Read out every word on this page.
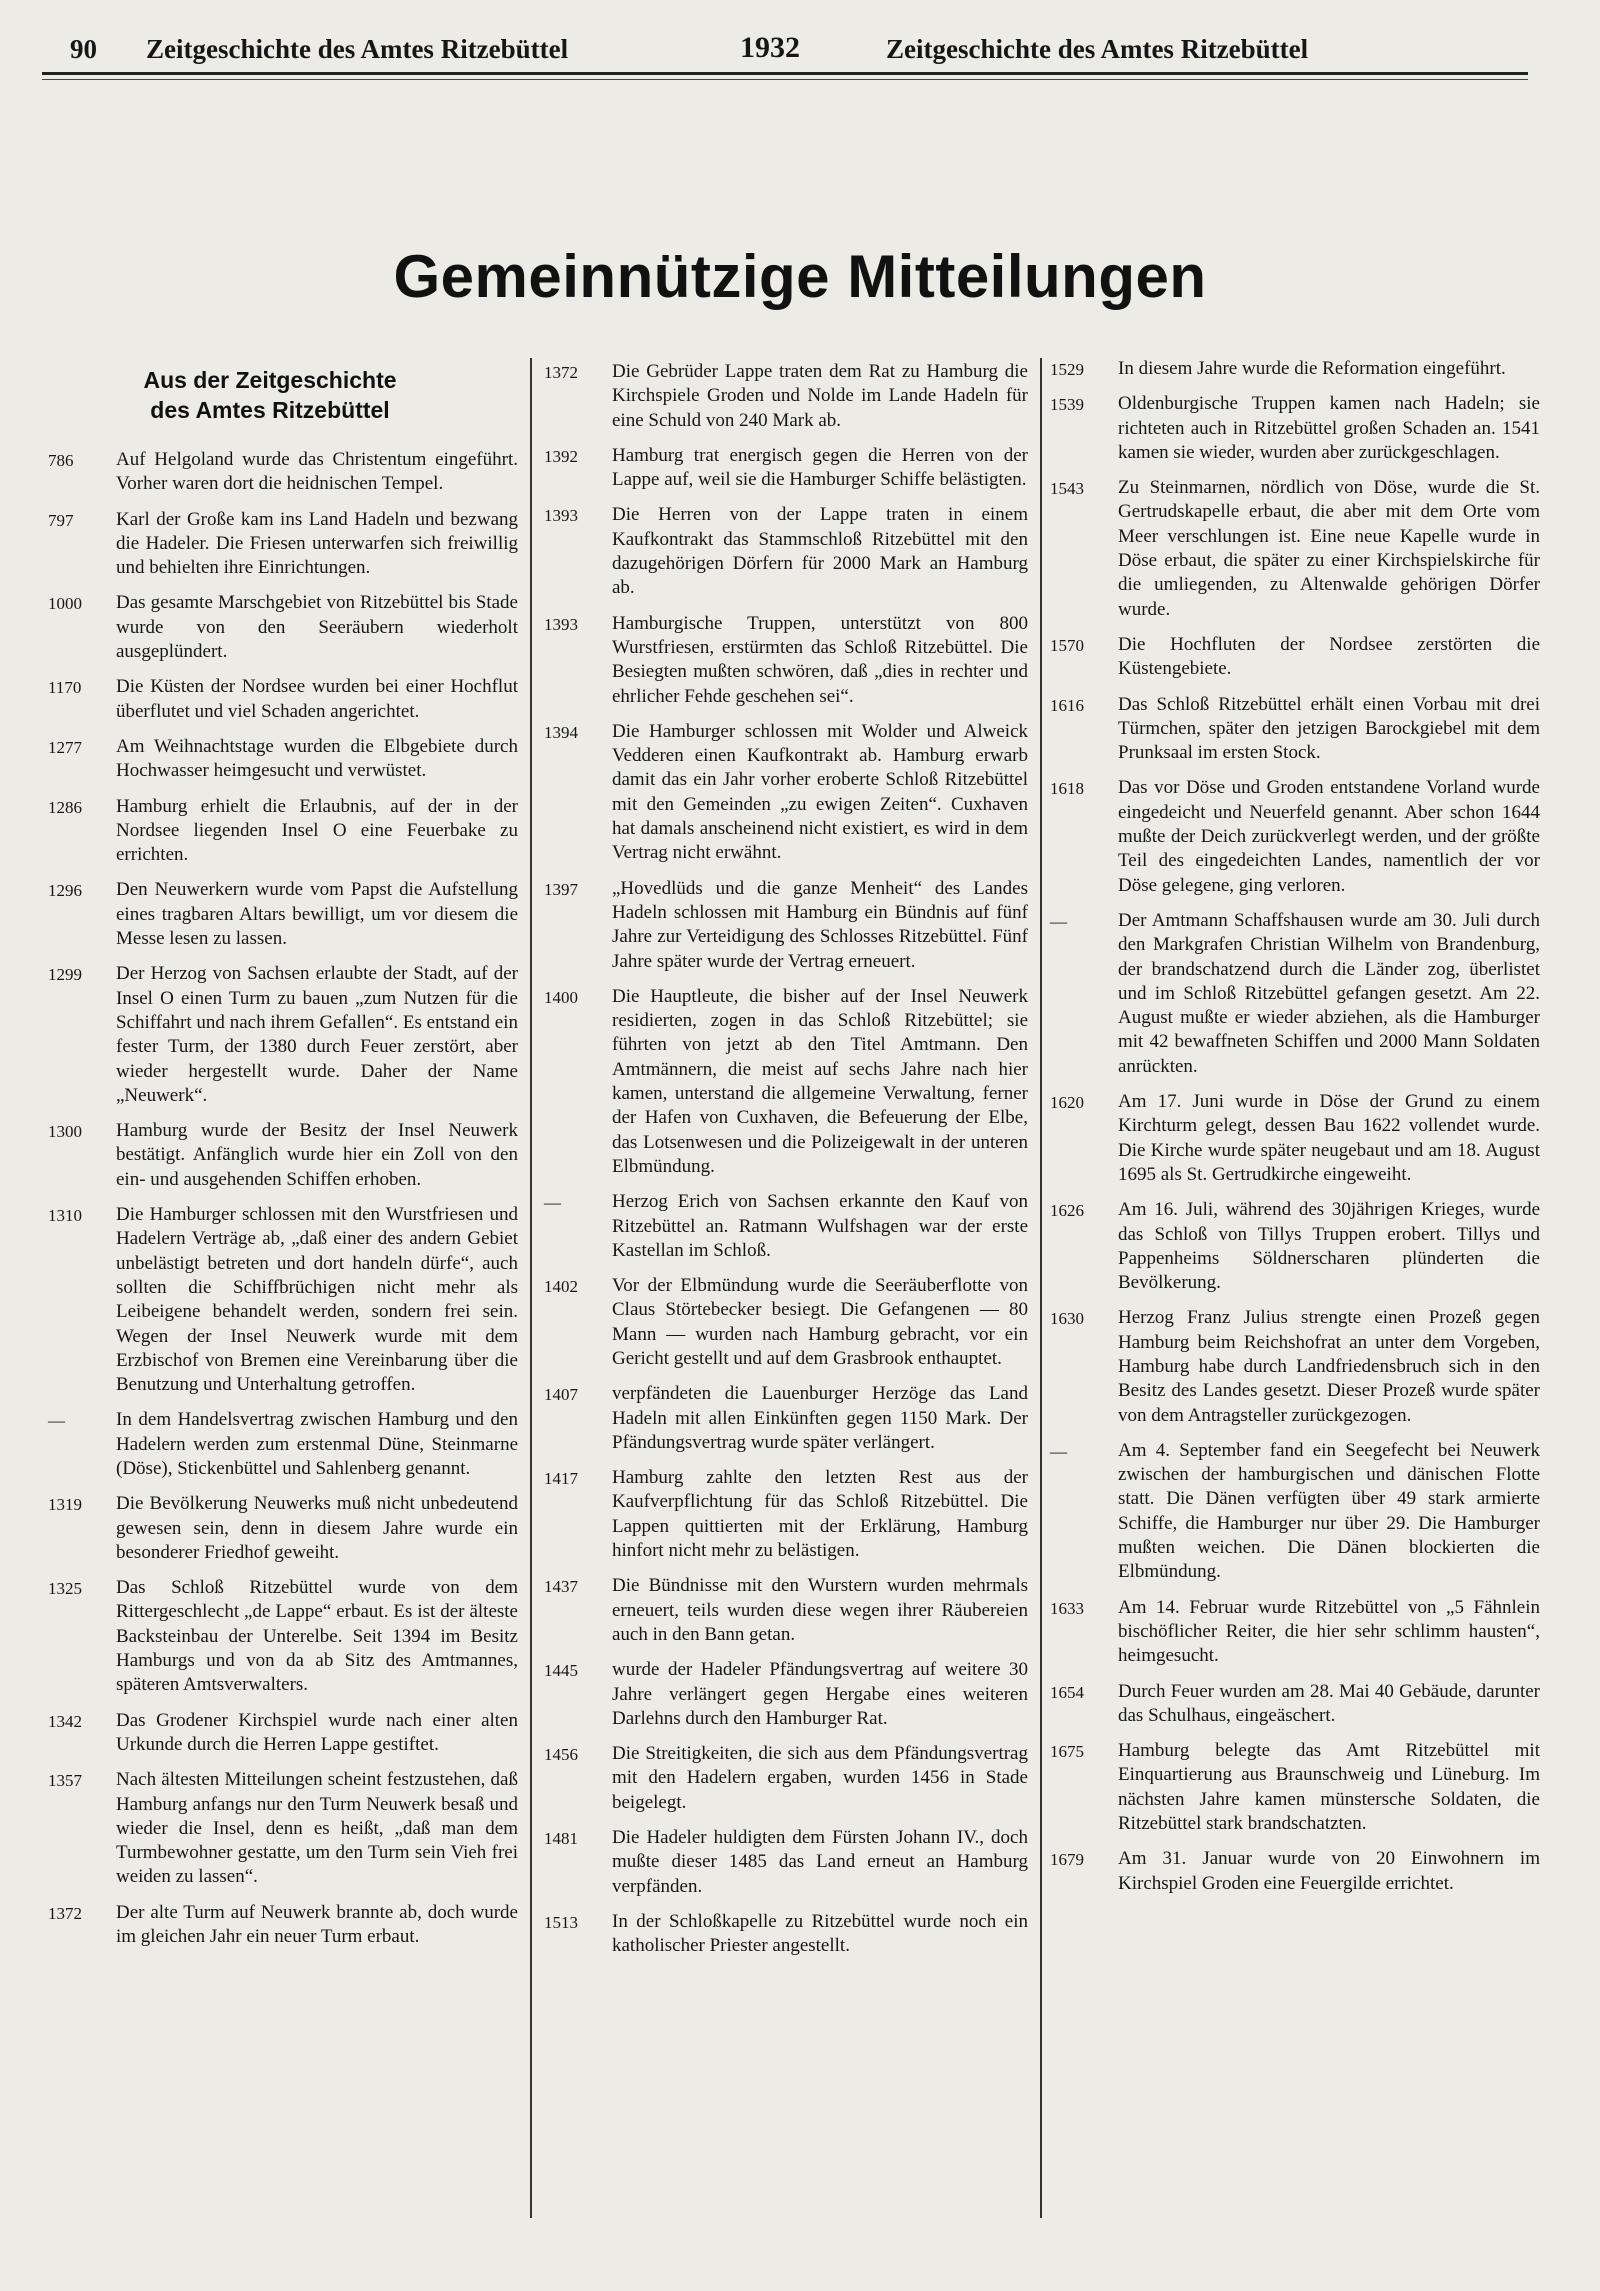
90 Zeitgeschichte des Amtes Ritzebüttel	1932	Zeitgeschichte des Amtes Ritzebüttel
Gemeinnützige Mitteilungen
Aus der Zeitgeschichte
des Amtes Ritzebüttel
786	Auf Helgoland wurde das Christentum eingeführt. Vorher waren dort die heidnischen Tempel.
797	Karl der Große kam ins Land Hadeln und bezwang die Hadeler. Die Friesen unterwarfen sich freiwillig und behielten ihre Einrichtungen.
1000	Das gesamte Marschgebiet von Ritzebüttel bis Stade wurde von den Seeräubern wiederholt ausgeplündert.
1170	Die Küsten der Nordsee wurden bei einer Hochflut überflutet und viel Schaden angerichtet.
1277	Am Weihnachtstage wurden die Elbgebiete durch Hochwasser heimgesucht und verwüstet.
1286	Hamburg erhielt die Erlaubnis, auf der in der Nordsee liegenden Insel O eine Feuerbake zu errichten.
1296	Den Neuwerkern wurde vom Papst die Aufstellung eines tragbaren Altars bewilligt, um vor diesem die Messe lesen zu lassen.
1299	Der Herzog von Sachsen erlaubte der Stadt, auf der Insel O einen Turm zu bauen „zum Nutzen für die Schiffahrt und nach ihrem Gefallen“. Es entstand ein fester Turm, der 1380 durch Feuer zerstört, aber wieder hergestellt wurde. Daher der Name „Neuwerk“.
1300	Hamburg wurde der Besitz der Insel Neuwerk bestätigt. Anfänglich wurde hier ein Zoll von den ein- und ausgehenden Schiffen erhoben.
1310	Die Hamburger schlossen mit den Wurstfriesen und Hadelern Verträge ab, „daß einer des andern Gebiet unbelästigt betreten und dort handeln dürfe“, auch sollten die Schiffbrüchigen nicht mehr als Leibeigene behandelt werden, sondern frei sein. Wegen der Insel Neuwerk wurde mit dem Erzbischof von Bremen eine Vereinbarung über die Benutzung und Unterhaltung getroffen.
—	In dem Handelsvertrag zwischen Hamburg und den Hadelern werden zum erstenmal Düne, Steinmarne (Döse), Stickenbüttel und Sahlenberg genannt.
1319	Die Bevölkerung Neuwerks muß nicht unbedeutend gewesen sein, denn in diesem Jahre wurde ein besonderer Friedhof geweiht.
1325	Das Schloß Ritzebüttel wurde von dem Rittergeschlecht „de Lappe“ erbaut. Es ist der älteste Backsteinbau der Unterelbe. Seit 1394 im Besitz Hamburgs und von da ab Sitz des Amtmannes, späteren Amtsverwalters.
1342	Das Grodener Kirchspiel wurde nach einer alten Urkunde durch die Herren Lappe gestiftet.
1357	Nach ältesten Mitteilungen scheint festzustehen, daß Hamburg anfangs nur den Turm Neuwerk besaß und wieder die Insel, denn es heißt, „daß man dem Turmbewohner gestatte, um den Turm sein Vieh frei weiden zu lassen“.
1372	Der alte Turm auf Neuwerk brannte ab, doch wurde im gleichen Jahr ein neuer Turm erbaut.
1372	Die Gebrüder Lappe traten dem Rat zu Hamburg die Kirchspiele Groden und Nolde im Lande Hadeln für eine Schuld von 240 Mark ab.
1392	Hamburg trat energisch gegen die Herren von der Lappe auf, weil sie die Hamburger Schiffe belästigten.
1393	Die Herren von der Lappe traten in einem Kaufkontrakt das Stammschloß Ritzebüttel mit den dazugehörigen Dörfern für 2000 Mark an Hamburg ab.
1393	Hamburgische Truppen, unterstützt von 800 Wurstfriesen, erstürmten das Schloß Ritzebüttel. Die Besiegten mußten schwören, daß „dies in rechter und ehrlicher Fehde geschehen sei“.
1394	Die Hamburger schlossen mit Wolder und Alweick Vedderen einen Kaufkontrakt ab. Hamburg erwarb damit das ein Jahr vorher eroberte Schloß Ritzebüttel mit den Gemeinden „zu ewigen Zeiten“. Cuxhaven hat damals anscheinend nicht existiert, es wird in dem Vertrag nicht erwähnt.
1397	„Hovedlüds und die ganze Menheit“ des Landes Hadeln schlossen mit Hamburg ein Bündnis auf fünf Jahre zur Verteidigung des Schlosses Ritzebüttel. Fünf Jahre später wurde der Vertrag erneuert.
1400	Die Hauptleute, die bisher auf der Insel Neuwerk residierten, zogen in das Schloß Ritzebüttel; sie führten von jetzt ab den Titel Amtmann. Den Amtmännern, die meist auf sechs Jahre nach hier kamen, unterstand die allgemeine Verwaltung, ferner der Hafen von Cuxhaven, die Befeuerung der Elbe, das Lotsenwesen und die Polizeigewalt in der unteren Elbmündung.
—	Herzog Erich von Sachsen erkannte den Kauf von Ritzebüttel an. Ratmann Wulfshagen war der erste Kastellan im Schloß.
1402	Vor der Elbmündung wurde die Seeräuberflotte von Claus Störtebecker besiegt. Die Gefangenen — 80 Mann — wurden nach Hamburg gebracht, vor ein Gericht gestellt und auf dem Grasbrook enthauptet.
1407	verpfändeten die Lauenburger Herzöge das Land Hadeln mit allen Einkünften gegen 1150 Mark. Der Pfändungsvertrag wurde später verlängert.
1417	Hamburg zahlte den letzten Rest aus der Kaufverpflichtung für das Schloß Ritzebüttel. Die Lappen quittierten mit der Erklärung, Hamburg hinfort nicht mehr zu belästigen.
1437	Die Bündnisse mit den Wurstern wurden mehrmals erneuert, teils wurden diese wegen ihrer Räubereien auch in den Bann getan.
1445	wurde der Hadeler Pfändungsvertrag auf weitere 30 Jahre verlängert gegen Hergabe eines weiteren Darlehns durch den Hamburger Rat.
1456	Die Streitigkeiten, die sich aus dem Pfändungsvertrag mit den Hadelern ergaben, wurden 1456 in Stade beigelegt.
1481	Die Hadeler huldigten dem Fürsten Johann IV., doch mußte dieser 1485 das Land erneut an Hamburg verpfänden.
1513	In der Schloßkapelle zu Ritzebüttel wurde noch ein katholischer Priester angestellt.
1529	In diesem Jahre wurde die Reformation eingeführt.
1539	Oldenburgische Truppen kamen nach Hadeln; sie richteten auch in Ritzebüttel großen Schaden an. 1541 kamen sie wieder, wurden aber zurückgeschlagen.
1543	Zu Steinmarnen, nördlich von Döse, wurde die St. Gertrudskapelle erbaut, die aber mit dem Orte vom Meer verschlungen ist. Eine neue Kapelle wurde in Döse erbaut, die später zu einer Kirchspielskirche für die umliegenden, zu Altenwalde gehörigen Dörfer wurde.
1570	Die Hochfluten der Nordsee zerstörten die Küstengebiete.
1616	Das Schloß Ritzebüttel erhält einen Vorbau mit drei Türmchen, später den jetzigen Barockgiebel mit dem Prunksaal im ersten Stock.
1618	Das vor Döse und Groden entstandene Vorland wurde eingedeicht und Neuerfeld genannt. Aber schon 1644 mußte der Deich zurückverlegt werden, und der größte Teil des eingedeichten Landes, namentlich der vor Döse gelegene, ging verloren.
—	Der Amtmann Schaffshausen wurde am 30. Juli durch den Markgrafen Christian Wilhelm von Brandenburg, der brandschatzend durch die Länder zog, überlistet und im Schloß Ritzebüttel gefangen gesetzt. Am 22. August mußte er wieder abziehen, als die Hamburger mit 42 bewaffneten Schiffen und 2000 Mann Soldaten anrückten.
1620	Am 17. Juni wurde in Döse der Grund zu einem Kirchturm gelegt, dessen Bau 1622 vollendet wurde. Die Kirche wurde später neugebaut und am 18. August 1695 als St. Gertrudkirche eingeweiht.
1626	Am 16. Juli, während des 30jährigen Krieges, wurde das Schloß von Tillys Truppen erobert. Tillys und Pappenheims Söldnerscharen plünderten die Bevölkerung.
1630	Herzog Franz Julius strengte einen Prozeß gegen Hamburg beim Reichshofrat an unter dem Vorgeben, Hamburg habe durch Landfriedensbruch sich in den Besitz des Landes gesetzt. Dieser Prozeß wurde später von dem Antragsteller zurückgezogen.
—	Am 4. September fand ein Seegefecht bei Neuwerk zwischen der hamburgischen und dänischen Flotte statt. Die Dänen verfügten über 49 stark armierte Schiffe, die Hamburger nur über 29. Die Hamburger mußten weichen. Die Dänen blockierten die Elbmündung.
1633	Am 14. Februar wurde Ritzebüttel von „5 Fähnlein bischöflicher Reiter, die hier sehr schlimm hausten“, heimgesucht.
1654	Durch Feuer wurden am 28. Mai 40 Gebäude, darunter das Schulhaus, eingeäschert.
1675	Hamburg belegte das Amt Ritzebüttel mit Einquartierung aus Braunschweig und Lüneburg. Im nächsten Jahre kamen münstersche Soldaten, die Ritzebüttel stark brandschatzten.
1679	Am 31. Januar wurde von 20 Einwohnern im Kirchspiel Groden eine Feuergilde errichtet.
